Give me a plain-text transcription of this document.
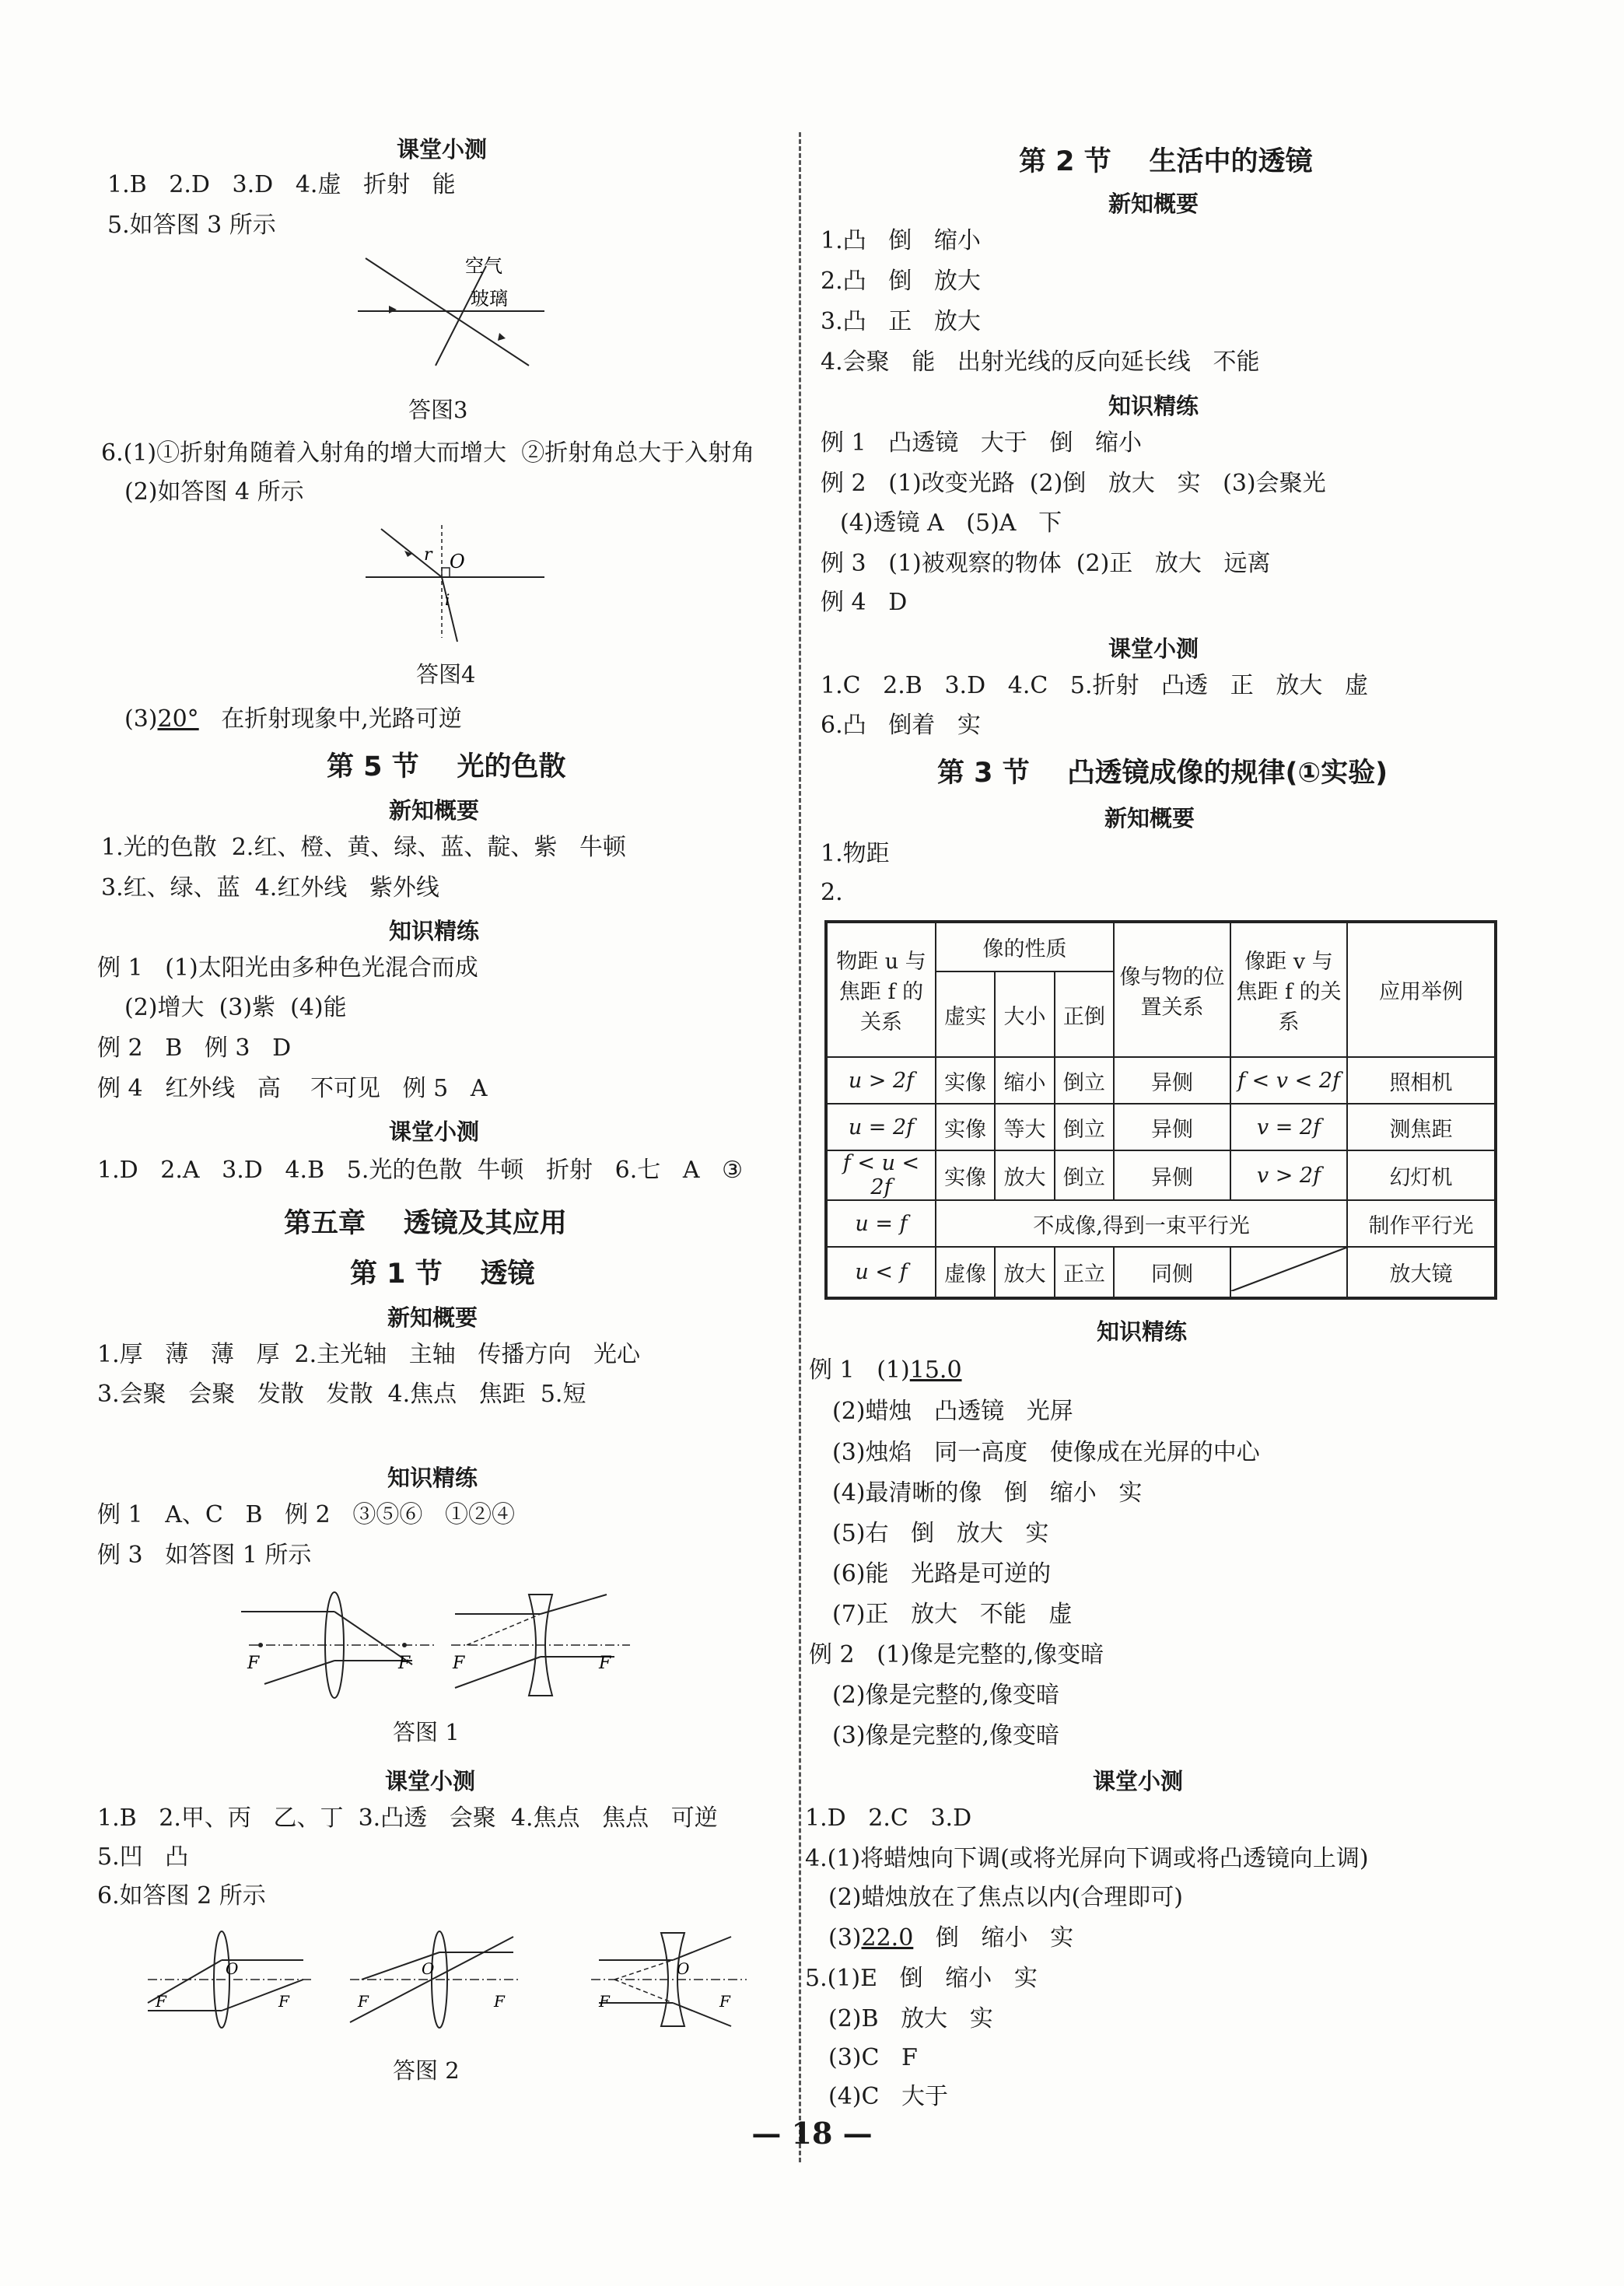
课堂小测
1.B   2.D   3.D   4.虚   折射   能
5.如答图 3 所示
空气
玻璃
答图3
6.(1)①折射角随着入射角的增大而增大  ②折射角总大于入射角
(2)如答图 4 所示
r O
i
答图4
(3)20°   在折射现象中,光路可逆
第 5 节    光的色散
新知概要
1.光的色散  2.红、橙、黄、绿、蓝、靛、紫   牛顿
3.红、绿、蓝  4.红外线   紫外线
知识精练
例 1   (1)太阳光由多种色光混合而成
(2)增大  (3)紫  (4)能
例 2   B   例 3   D
例 4   红外线   高    不可见   例 5   A
课堂小测
1.D   2.A   3.D   4.B   5.光的色散  牛顿   折射   6.七   A   ③
第五章    透镜及其应用
第 1 节    透镜
新知概要
1.厚   薄   薄   厚  2.主光轴   主轴   传播方向   光心
3.会聚   会聚   发散   发散  4.焦点   焦距  5.短
知识精练
例 1   A、C   B   例 2   ③⑤⑥   ①②④
例 3   如答图 1 所示
F	F F	F
答图 1
课堂小测
1.B   2.甲、丙   乙、丁  3.凸透   会聚  4.焦点   焦点   可逆
5.凹   凸
6.如答图 2 所示
O
F	F
O
F	F
O
F	F
答图 2
第 2 节    生活中的透镜
新知概要
1.凸   倒   缩小
2.凸   倒   放大
3.凸   正   放大
4.会聚   能   出射光线的反向延长线   不能
知识精练
例 1   凸透镜   大于   倒   缩小
例 2   (1)改变光路  (2)倒   放大   实   (3)会聚光
(4)透镜 A   (5)A   下
例 3   (1)被观察的物体  (2)正   放大   远离
例 4   D
课堂小测
1.C   2.B   3.D   4.C   5.折射   凸透   正   放大   虚
6.凸   倒着   实
第 3 节    凸透镜成像的规律(①实验)
新知概要
1.物距
2.
物距 u 与焦距 f 的关系	像的性质			像与物的位置关系	像距 v 与焦距 f 的关系	应用举例
	虚实	大小	正倒			
u > 2f	实像	缩小	倒立	异侧	f < v < 2f	照相机
u = 2f	实像	等大	倒立	异侧	v = 2f	测焦距
f < u < 2f	实像	放大	倒立	异侧	v > 2f	幻灯机
u = f	不成像,得到一束平行光					制作平行光
u < f	虚像	放大	正立	同侧		放大镜
知识精练
例 1   (1)15.0
(2)蜡烛   凸透镜   光屏
(3)烛焰   同一高度   使像成在光屏的中心
(4)最清晰的像   倒   缩小   实
(5)右   倒   放大   实
(6)能   光路是可逆的
(7)正   放大   不能   虚
例 2   (1)像是完整的,像变暗
(2)像是完整的,像变暗
(3)像是完整的,像变暗
课堂小测
1.D   2.C   3.D
4.(1)将蜡烛向下调(或将光屏向下调或将凸透镜向上调)
(2)蜡烛放在了焦点以内(合理即可)
(3)22.0   倒   缩小   实
5.(1)E   倒   缩小   实
(2)B   放大   实
(3)C   F
(4)C   大于
— 18 —
